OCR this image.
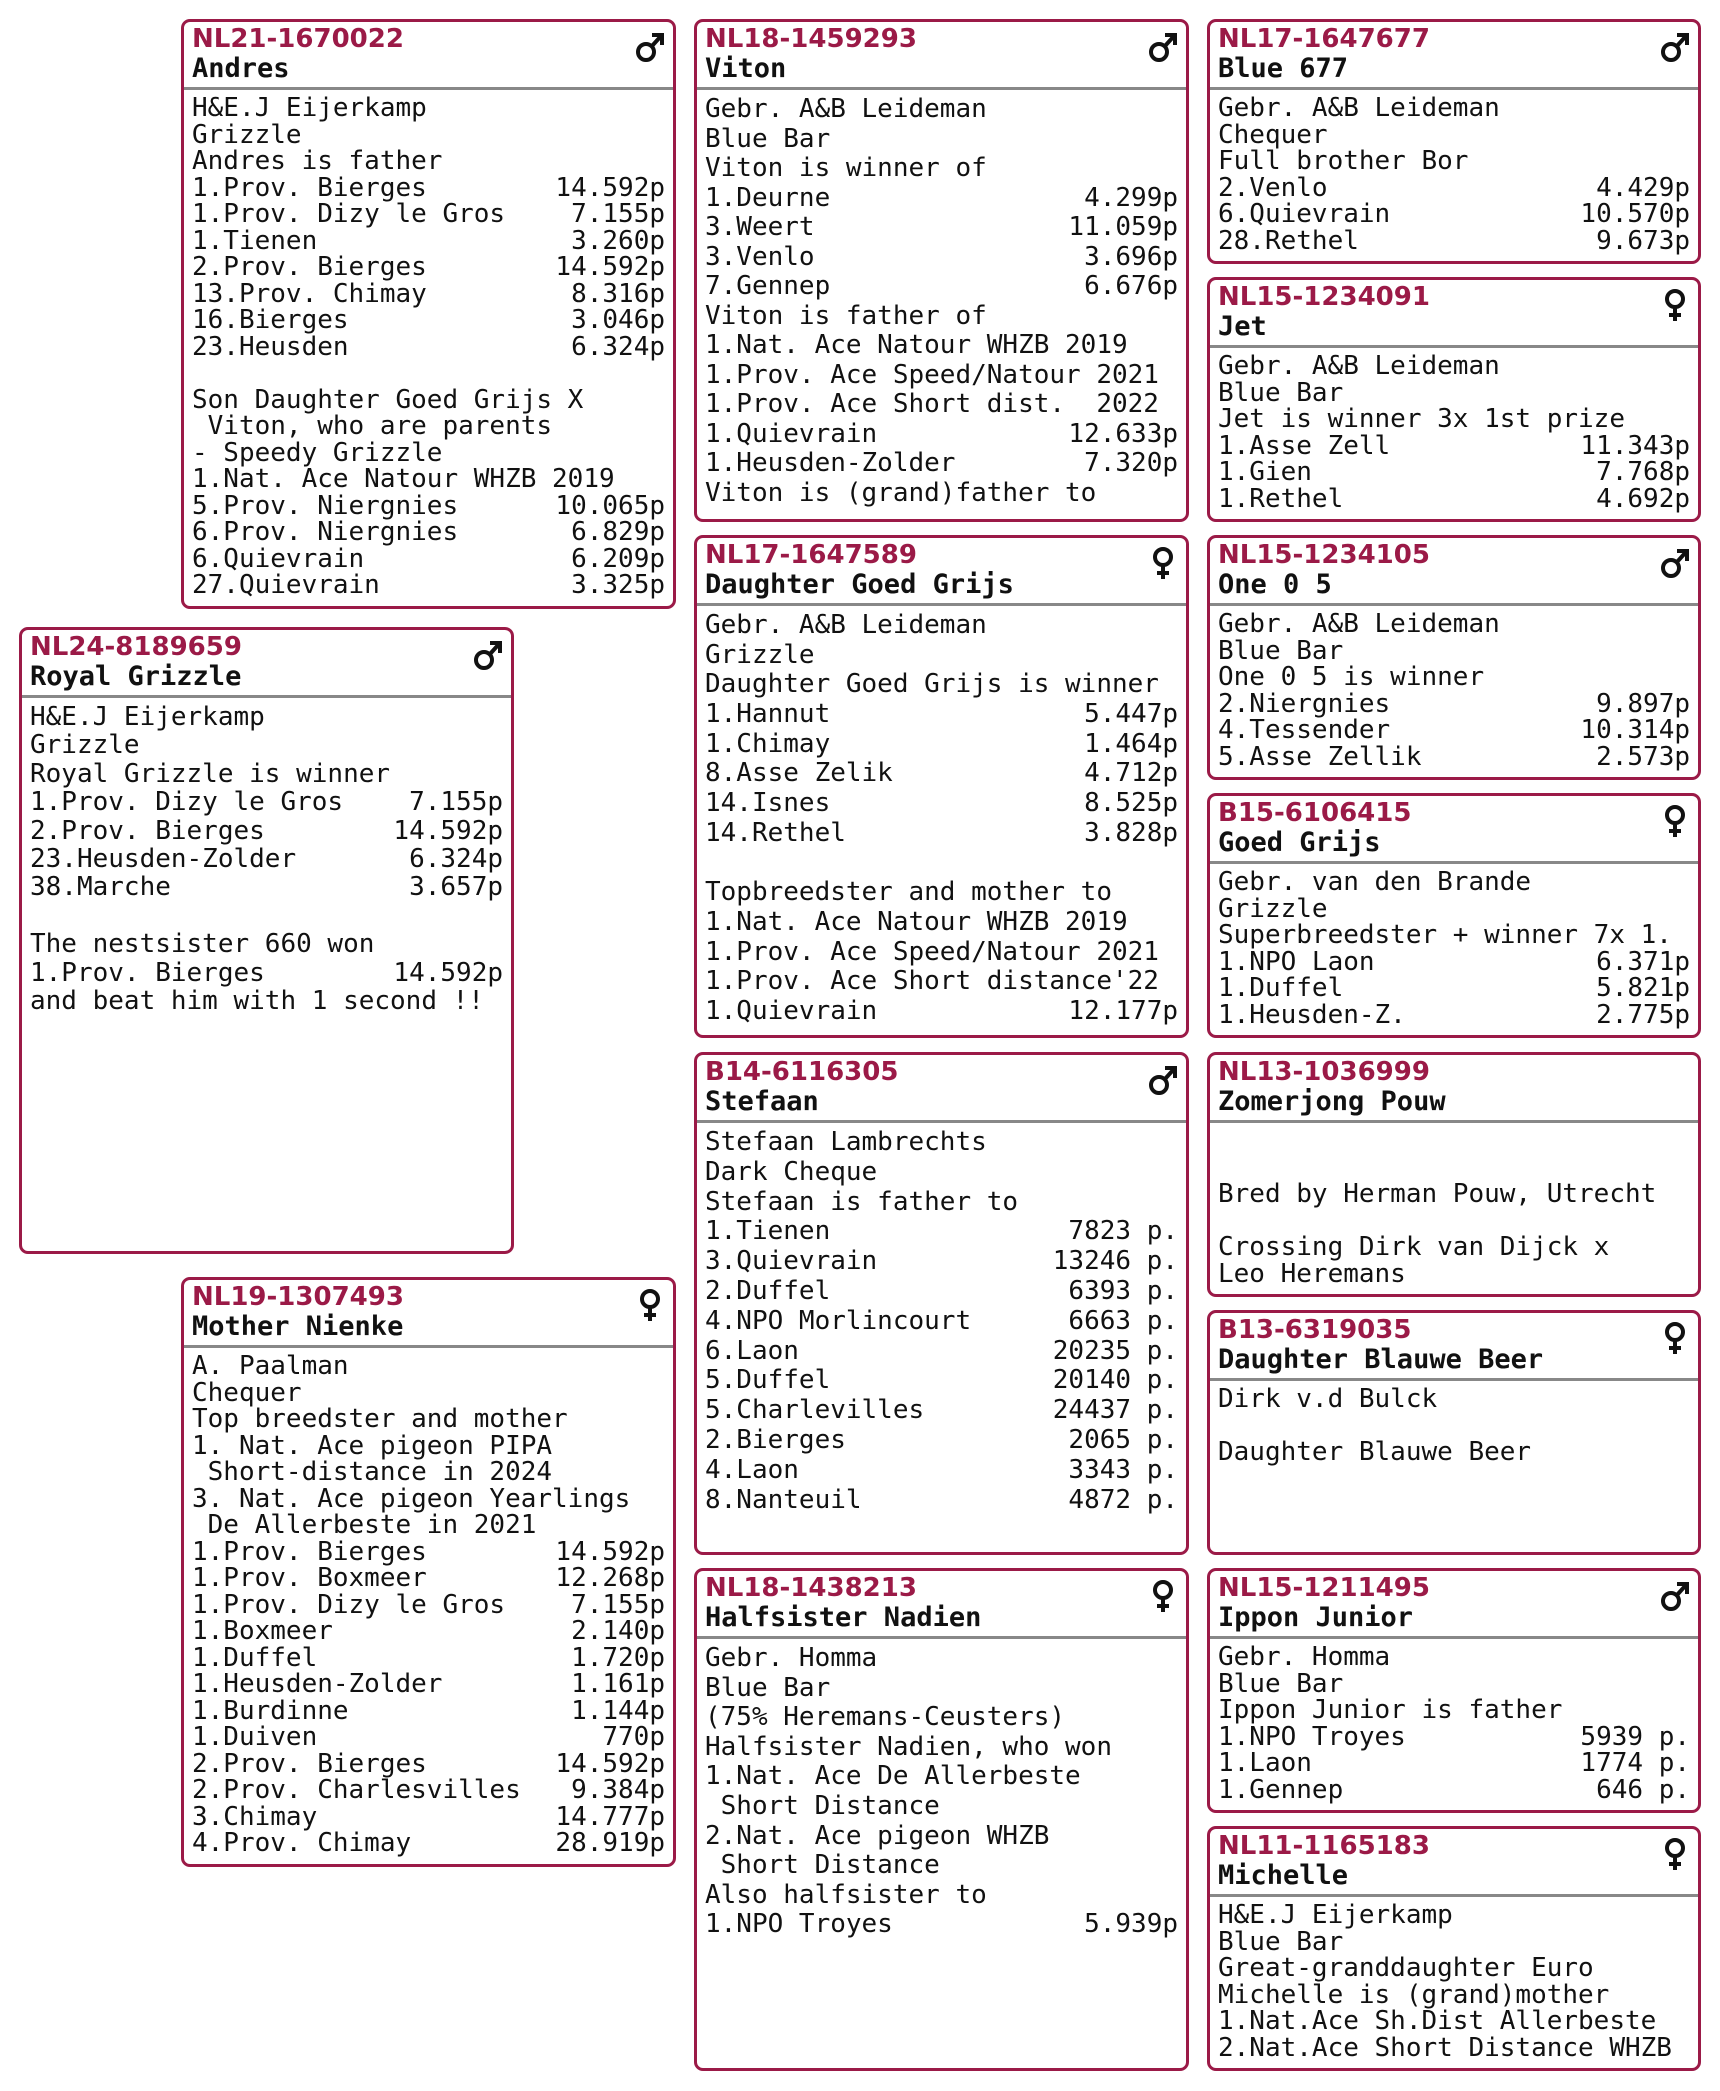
NL21-1670022
Andres
H&E.J Eijerkamp
Grizzle
Andres is father
1.Prov. Bierges	14.592p
1.Prov. Dizy le Gros	7.155p
1.Tienen	3.260p
2.Prov. Bierges	14.592p
13.Prov. Chimay	8.316p
16.Bierges	3.046p
23.Heusden	6.324p
Son Daughter Goed Grijs X
Viton, who are parents
- Speedy Grizzle
1.Nat. Ace Natour WHZB 2019
5.Prov. Niergnies	10.065p
6.Prov. Niergnies	6.829p
6.Quievrain	6.209p
27.Quievrain	3.325p
NL24-8189659
Royal Grizzle
H&E.J Eijerkamp
Grizzle
Royal Grizzle is winner
1.Prov. Dizy le Gros	7.155p
2.Prov. Bierges	14.592p
23.Heusden-Zolder	6.324p
38.Marche	3.657p
The nestsister 660 won
1.Prov. Bierges	14.592p
and beat him with 1 second !!
NL19-1307493
Mother Nienke
A. Paalman
Chequer
Top breedster and mother
1. Nat. Ace pigeon PIPA
Short-distance in 2024
3. Nat. Ace pigeon Yearlings
De Allerbeste in 2021
1.Prov. Bierges	14.592p
1.Prov. Boxmeer	12.268p
1.Prov. Dizy le Gros	7.155p
1.Boxmeer	2.140p
1.Duffel	1.720p
1.Heusden-Zolder	1.161p
1.Burdinne	1.144p
1.Duiven	770p
2.Prov. Bierges	14.592p
2.Prov. Charlesvilles 9.384p
3.Chimay	14.777p
4.Prov. Chimay	28.919p
NL18-1459293
Viton
Gebr. A&B Leideman
Blue Bar
Viton is winner of
1.Deurne	4.299p
3.Weert	11.059p
3.Venlo	3.696p
7.Gennep	6.676p
Viton is father of
1.Nat. Ace Natour WHZB 2019
1.Prov. Ace Speed/Natour 2021
1.Prov. Ace Short dist.  2022
1.Quievrain	12.633p
1.Heusden-Zolder	7.320p
Viton is (grand)father to
NL17-1647589
Daughter Goed Grijs
Gebr. A&B Leideman
Grizzle
Daughter Goed Grijs is winner
1.Hannut	5.447p
1.Chimay	1.464p
8.Asse Zelik	4.712p
14.Isnes	8.525p
14.Rethel	3.828p
Topbreedster and mother to
1.Nat. Ace Natour WHZB 2019
1.Prov. Ace Speed/Natour 2021
1.Prov. Ace Short distance'22
1.Quievrain	12.177p
B14-6116305
Stefaan
Stefaan Lambrechts
Dark Cheque
Stefaan is father to
1.Tienen	7823 p.
3.Quievrain	13246 p.
2.Duffel	6393 p.
4.NPO Morlincourt	6663 p.
6.Laon	20235 p.
5.Duffel	20140 p.
5.Charlevilles	24437 p.
2.Bierges	2065 p.
4.Laon	3343 p.
8.Nanteuil	4872 p.
NL18-1438213
Halfsister Nadien
Gebr. Homma
Blue Bar
(75% Heremans-Ceusters)
Halfsister Nadien, who won
1.Nat. Ace De Allerbeste
Short Distance
2.Nat. Ace pigeon WHZB
Short Distance
Also halfsister to
1.NPO Troyes	5.939p
NL17-1647677
Blue 677
Gebr. A&B Leideman
Chequer
Full brother Bor
2.Venlo	4.429p
6.Quievrain	10.570p
28.Rethel	9.673p
NL15-1234091
Jet
Gebr. A&B Leideman
Blue Bar
Jet is winner 3x 1st prize
1.Asse Zell	11.343p
1.Gien	7.768p
1.Rethel	4.692p
NL15-1234105
One 0 5
Gebr. A&B Leideman
Blue Bar
One 0 5 is winner
2.Niergnies	9.897p
4.Tessender	10.314p
5.Asse Zellik	2.573p
B15-6106415
Goed Grijs
Gebr. van den Brande
Grizzle
Superbreedster + winner 7x 1.
1.NPO Laon	6.371p
1.Duffel	5.821p
1.Heusden-Z.	2.775p
NL13-1036999
Zomerjong Pouw
Bred by Herman Pouw, Utrecht
Crossing Dirk van Dijck x
Leo Heremans
B13-6319035
Daughter Blauwe Beer
Dirk v.d Bulck
Daughter Blauwe Beer
NL15-1211495
Ippon Junior
Gebr. Homma
Blue Bar
Ippon Junior is father
1.NPO Troyes	5939 p.
1.Laon	1774 p.
1.Gennep	646 p.
NL11-1165183
Michelle
H&E.J Eijerkamp
Blue Bar
Great-granddaughter Euro
Michelle is (grand)mother
1.Nat.Ace Sh.Dist Allerbeste
2.Nat.Ace Short Distance WHZB
